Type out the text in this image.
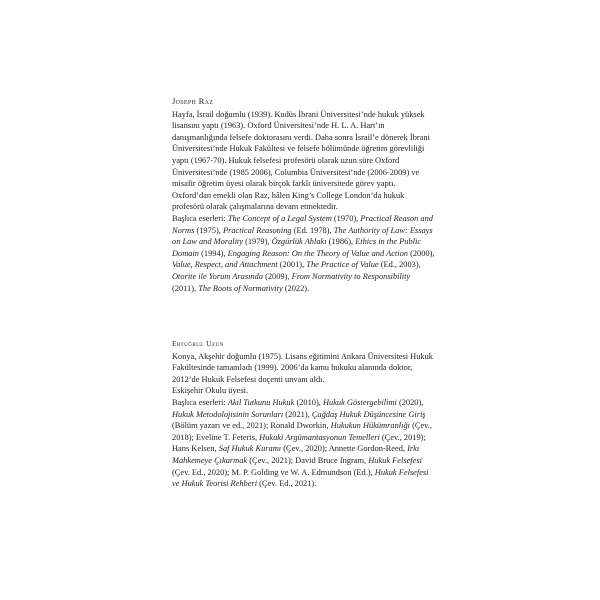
Joseph Raz

Hayfa, İsrail doğumlu (1939). Kudüs İbrani Üniversitesi’nde hukuk yüksek lisansını yaptı (1963). Oxford Üniversitesi’nde H. L. A. Hart’ın danışmanlığında felsefe doktorasını verdi. Daha sonra İsrail’e dönerek İbrani Üniversitesi’nde Hukuk Fakültesi ve felsefe bölümünde öğretim görevliliği yaptı (1967-70). Hukuk felsefesi profesörü olarak uzun süre Oxford Üniversitesi’nde (1985 2006), Columbia Üniversitesi’nde (2006-2009) ve misafir öğretim üyesi olarak birçok farklı üniversitede görev yaptı. Oxford’dan emekli olan Raz, hâlen King’s College London’da hukuk profesörü olarak çalışmalarına devam etmektedir.

Başlıca eserleri: The Concept of a Legal System (1970), Practical Reason and Norms (1975), Practical Reasoning (Ed. 1978), The Authority of Law: Essays on Law and Morality (1979), Özgürlük Ahlakı (1986), Ethics in the Public Domain (1994), Engaging Reason: On the Theory of Value and Action (2000), Value, Respect, and Attachment (2001), The Practice of Value (Ed., 2003), Otorite ile Yorum Arasında (2009), From Normativity to Responsibility (2011), The Roots of Normativity (2022).

Ertuğrul Uzun

Konya, Akşehir doğumlu (1975). Lisans eğitimini Ankara Üniversitesi Hukuk Fakültesinde tamamladı (1999). 2006’da kamu hukuku alanında doktor, 2012’de Hukuk Felsefesi doçenti unvanı aldı.

Eskişehir Okulu üyesi.

Başlıca eserleri: Akıl Tutkunu Hukuk (2010), Hukuk Göstergebilimi (2020), Hukuk Metodolojisinin Sorunları (2021), Çağdaş Hukuk Düşüncesine Giriş (Bölüm yazarı ve ed., 2021); Ronald Dworkin, Hukukun Hükümranlığı (Çev., 2018); Eveline T. Feteris, Hukuki Argümantasyonun Temelleri (Çev., 2019); Hans Kelsen, Saf Hukuk Kuramı (Çev., 2020); Annette Gordon-Reed, Irkı Mahkemeye Çıkarmak (Çev., 2021); David Bruce Ingram, Hukuk Felsefesi (Çev. Ed., 2020); M. P. Golding ve W. A. Edmundson (Ed.), Hukuk Felsefesi ve Hukuk Teorisi Rehberi (Çev. Ed., 2021).
